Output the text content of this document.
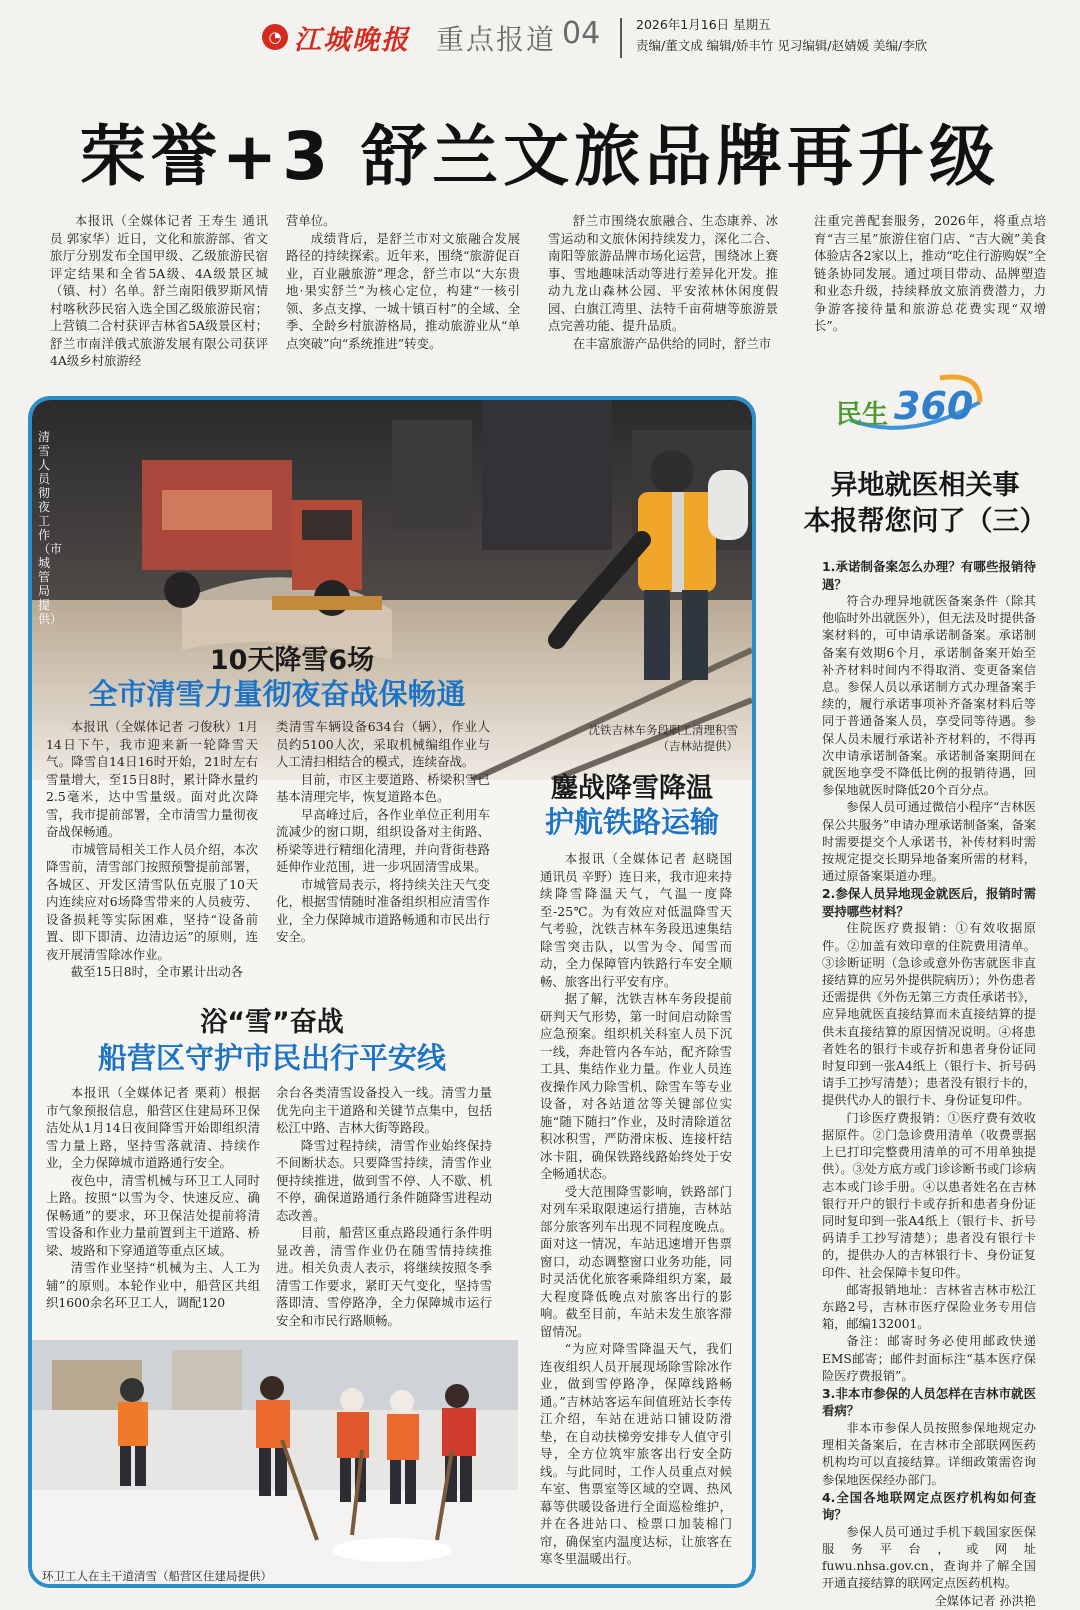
◔ 江城晚报 重点报道 04	2026年1月16日 星期五
责编/董文成 编辑/娇丰竹 见习编辑/赵婧媛 美编/李欣
荣誉+3 舒兰文旅品牌再升级

本报讯（全媒体记者 王寿生 通讯员 郭家华）近日，文化和旅游部、省文旅厅分别发布全国甲级、乙级旅游民宿评定结果和全省5A级、4A级景区城（镇、村）名单。舒兰南阳俄罗斯风情村喀秋莎民宿入选全国乙级旅游民宿；上营镇二合村获评吉林省5A级景区村；舒兰市南洋俄式旅游发展有限公司获评4A级乡村旅游经

营单位。

成绩背后，是舒兰市对文旅融合发展路径的持续探索。近年来，围绕“旅游促百业，百业融旅游”理念，舒兰市以“大东贵地·果实舒兰”为核心定位，构建“一核引领、多点支撑、一城十镇百村”的全域、全季、全龄乡村旅游格局，推动旅游业从“单点突破”向“系统推进”转变。

舒兰市围绕农旅融合、生态康养、冰雪运动和文旅休闲持续发力，深化二合、南阳等旅游品牌市场化运营，围绕冰上赛事、雪地趣味活动等进行差异化开发。推动九龙山森林公园、平安浓林休闲度假园、白旗江湾里、法特千亩荷塘等旅游景点完善功能、提升品质。

在丰富旅游产品供给的同时，舒兰市

注重完善配套服务，2026年，将重点培育“吉三星”旅游住宿门店、“吉大碗”美食体验店各2家以上，推动“吃住行游购娱”全链条协同发展。通过项目带动、品牌塑造和业态升级，持续释放文旅消费潜力，力争游客接待量和旅游总花费实现“双增长”。

清雪人员彻夜工作（市城管局提供）
10天降雪6场
全市清雪力量彻夜奋战保畅通

本报讯（全媒体记者 刁俊秋）1月14日下午，我市迎来新一轮降雪天气。降雪自14日16时开始，21时左右雪量增大，至15日8时，累计降水量约2.5毫米，达中雪量级。面对此次降雪，我市提前部署，全市清雪力量彻夜奋战保畅通。

市城管局相关工作人员介绍，本次降雪前，清雪部门按照预警提前部署，各城区、开发区清雪队伍克服了10天内连续应对6场降雪带来的人员疲劳、设备损耗等实际困难，坚持“设备前置、即下即清、边清边运”的原则，连夜开展清雪除冰作业。

截至15日8时，全市累计出动各

类清雪车辆设备634台（辆），作业人员约5100人次，采取机械编组作业与人工清扫相结合的模式，连续奋战。

目前，市区主要道路、桥梁积雪已基本清理完毕，恢复道路本色。

早高峰过后，各作业单位正利用车流减少的窗口期，组织设备对主街路、桥梁等进行精细化清理，并向背街巷路延伸作业范围，进一步巩固清雪成果。

市城管局表示，将持续关注天气变化，根据雪情随时准备组织相应清雪作业，全力保障城市道路畅通和市民出行安全。

沈铁吉林车务段职工清理积雪
（吉林站提供）
鏖战降雪降温
护航铁路运输

本报讯（全媒体记者 赵晓国 通讯员 辛野）连日来，我市迎来持续降雪降温天气，气温一度降至-25℃。为有效应对低温降雪天气考验，沈铁吉林车务段迅速集结除雪突击队，以雪为令、闻雪而动，全力保障管内铁路行车安全顺畅、旅客出行平安有序。

据了解，沈铁吉林车务段提前研判天气形势，第一时间启动除雪应急预案。组织机关科室人员下沉一线，奔赴管内各车站，配齐除雪工具、集结作业力量。作业人员连夜操作风力除雪机、除雪车等专业设备，对各站道岔等关键部位实施“随下随扫”作业，及时清除道岔积冰积雪，严防滑床板、连接杆结冰卡阻，确保铁路线路始终处于安全畅通状态。

受大范围降雪影响，铁路部门对列车采取限速运行措施，吉林站部分旅客列车出现不同程度晚点。面对这一情况，车站迅速增开售票窗口，动态调整窗口业务功能，同时灵活优化旅客乘降组织方案，最大程度降低晚点对旅客出行的影响。截至目前，车站未发生旅客滞留情况。

“为应对降雪降温天气，我们连夜组织人员开展现场除雪除冰作业，做到雪停路净，保障线路畅通。”吉林站客运车间值班站长李传江介绍，车站在进站口铺设防滑垫，在自动扶梯旁安排专人值守引导，全方位筑牢旅客出行安全防线。与此同时，工作人员重点对候车室、售票室等区域的空调、热风幕等供暖设备进行全面巡检维护，并在各进站口、检票口加装棉门帘，确保室内温度达标，让旅客在寒冬里温暖出行。

浴“雪”奋战
船营区守护市民出行平安线

本报讯（全媒体记者 栗莉）根据市气象预报信息，船营区住建局环卫保洁处从1月14日夜间降雪开始即组织清雪力量上路，坚持雪落就清、持续作业，全力保障城市道路通行安全。

夜色中，清雪机械与环卫工人同时上路。按照“以雪为令、快速反应、确保畅通”的要求，环卫保洁处提前将清雪设备和作业力量前置到主干道路、桥梁、坡路和下穿通道等重点区域。

清雪作业坚持“机械为主、人工为辅”的原则。本轮作业中，船营区共组织1600余名环卫工人，调配120

余台各类清雪设备投入一线。清雪力量优先向主干道路和关键节点集中，包括松江中路、吉林大街等路段。

降雪过程持续，清雪作业始终保持不间断状态。只要降雪持续，清雪作业便持续推进，做到雪不停、人不歇、机不停，确保道路通行条件随降雪进程动态改善。

目前，船营区重点路段通行条件明显改善，清雪作业仍在随雪情持续推进。相关负责人表示，将继续按照冬季清雪工作要求，紧盯天气变化，坚持雪落即清、雪停路净，全力保障城市运行安全和市民行路顺畅。

环卫工人在主干道清雪（船营区住建局提供）
民生 360
异地就医相关事
本报帮您问了（三）
1.承诺制备案怎么办理？有哪些报销待遇？

符合办理异地就医备案条件（除其他临时外出就医外），但无法及时提供备案材料的，可申请承诺制备案。承诺制备案有效期6个月，承诺制备案开始至补齐材料时间内不得取消、变更备案信息。参保人员以承诺制方式办理备案手续的，履行承诺事项补齐备案材料后等同于普通备案人员，享受同等待遇。参保人员未履行承诺补齐材料的，不得再次申请承诺制备案。承诺制备案期间在就医地享受不降低比例的报销待遇，回参保地就医时降低20个百分点。

参保人员可通过微信小程序“吉林医保公共服务”申请办理承诺制备案，备案时需要提交个人承诺书，补传材料时需按规定提交长期异地备案所需的材料，通过原备案渠道办理。

2.参保人员异地现金就医后，报销时需要持哪些材料？

住院医疗费报销：①有效收据原件。②加盖有效印章的住院费用清单。③诊断证明（急诊或意外伤害就医非直接结算的应另外提供院病历）；外伤患者还需提供《外伤无第三方责任承诺书》，应异地就医直接结算而未直接结算的提供未直接结算的原因情况说明。④将患者姓名的银行卡或存折和患者身份证同时复印到一张A4纸上（银行卡、折号码请手工抄写清楚）；患者没有银行卡的，提供代办人的银行卡、身份证复印件。

门诊医疗费报销：①医疗费有效收据原件。②门急诊费用清单（收费票据上已打印完整费用清单的可不用单独提供）。③处方底方或门诊诊断书或门诊病志本或门诊手册。④以患者姓名在吉林银行开户的银行卡或存折和患者身份证同时复印到一张A4纸上（银行卡、折号码请手工抄写清楚）；患者没有银行卡的，提供办人的吉林银行卡、身份证复印件、社会保障卡复印件。

邮寄报销地址：吉林省吉林市松江东路2号，吉林市医疗保险业务专用信箱，邮编132001。

备注：邮寄时务必使用邮政快递EMS邮寄；邮件封面标注“基本医疗保险医疗费报销”。

3.非本市参保的人员怎样在吉林市就医看病？

非本市参保人员按照参保地规定办理相关备案后，在吉林市全部联网医药机构均可以直接结算。详细政策需咨询参保地医保经办部门。

4.全国各地联网定点医疗机构如何查询？

参保人员可通过手机下载国家医保服务平台，或网址fuwu.nhsa.gov.cn，查询并了解全国开通直接结算的联网定点医药机构。

全媒体记者 孙洪艳
